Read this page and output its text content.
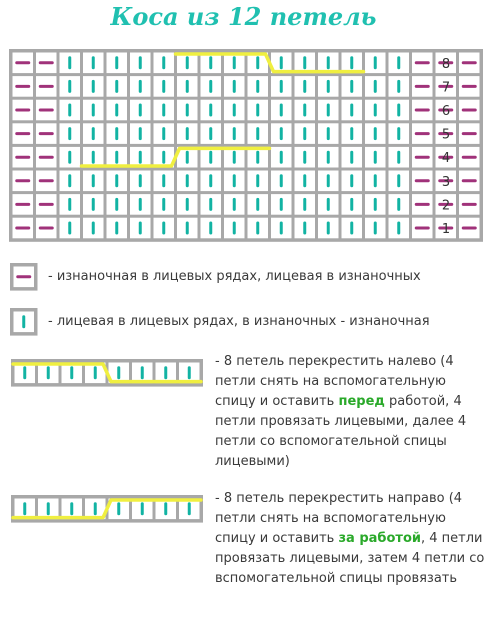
Коса из 12 петель
8
7
6
5
4
3
2
1
- изнаночная в лицевых рядах, лицевая в изнаночных
- лицевая в лицевых рядах, в изнаночных - изнаночная
- 8 петель перекрестить налево (4 петли снять на вспомогательную спицу и оставить перед работой, 4 петли провязать лицевыми, далее 4 петли со вспомогательной спицы лицевыми)
- 8 петель перекрестить направо (4 петли снять на вспомогательную спицу и оставить за работой, 4 петли провязать лицевыми, затем 4 петли со вспомогательной спицы провязать
